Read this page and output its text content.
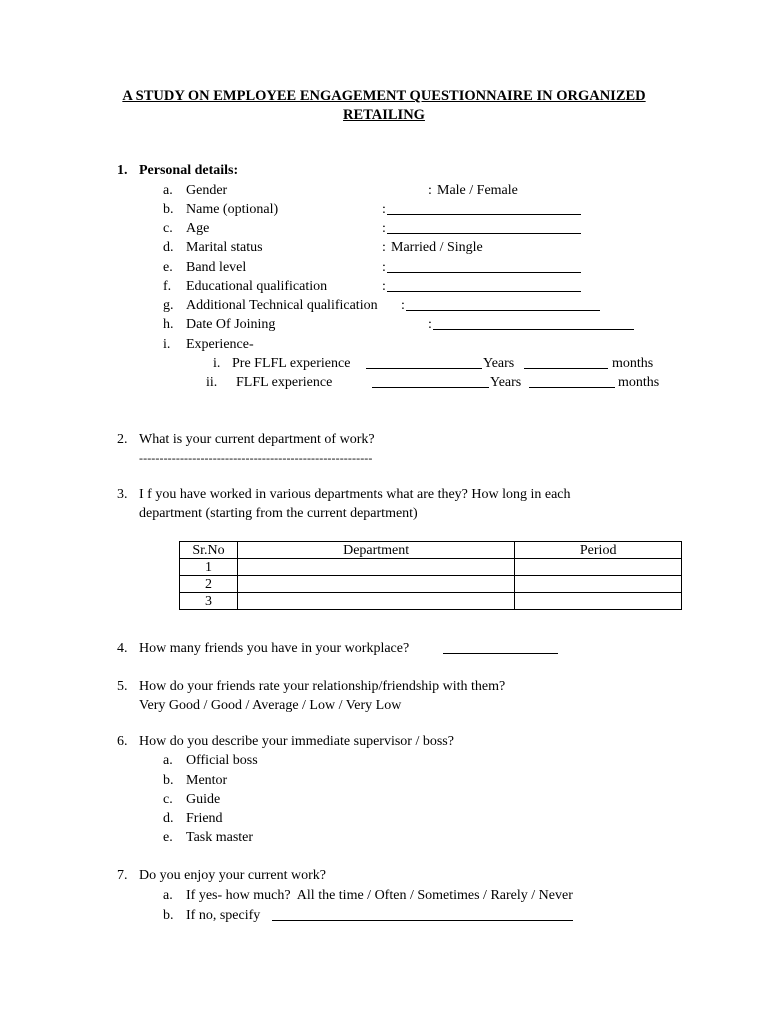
A STUDY ON EMPLOYEE ENGAGEMENT QUESTIONNAIRE IN ORGANIZED
RETAILING
1. Personal details:
a. Gender	: Male / Female
b. Name (optional)	:
c. Age	:
d. Marital status	: Married / Single
e. Band level	:
f. Educational qualification	:
g. Additional Technical qualification :
h. Date Of Joining	:
i. Experience-
i. Pre FLFL experience	Years	months
ii. FLFL experience	Years	months
2. What is your current department of work?
---------------------------------------------------------
3. I f you have worked in various departments what are they? How long in each
department (starting from the current department)
Sr.No	Department	Period
1		
2		
3		
4. How many friends you have in your workplace?
5. How do your friends rate your relationship/friendship with them?
Very Good / Good / Average / Low / Very Low
6. How do you describe your immediate supervisor / boss?
a. Official boss
b. Mentor
c. Guide
d. Friend
e. Task master
7. Do you enjoy your current work?
a. If yes- how much?  All the time / Often / Sometimes / Rarely / Never
b. If no, specify
